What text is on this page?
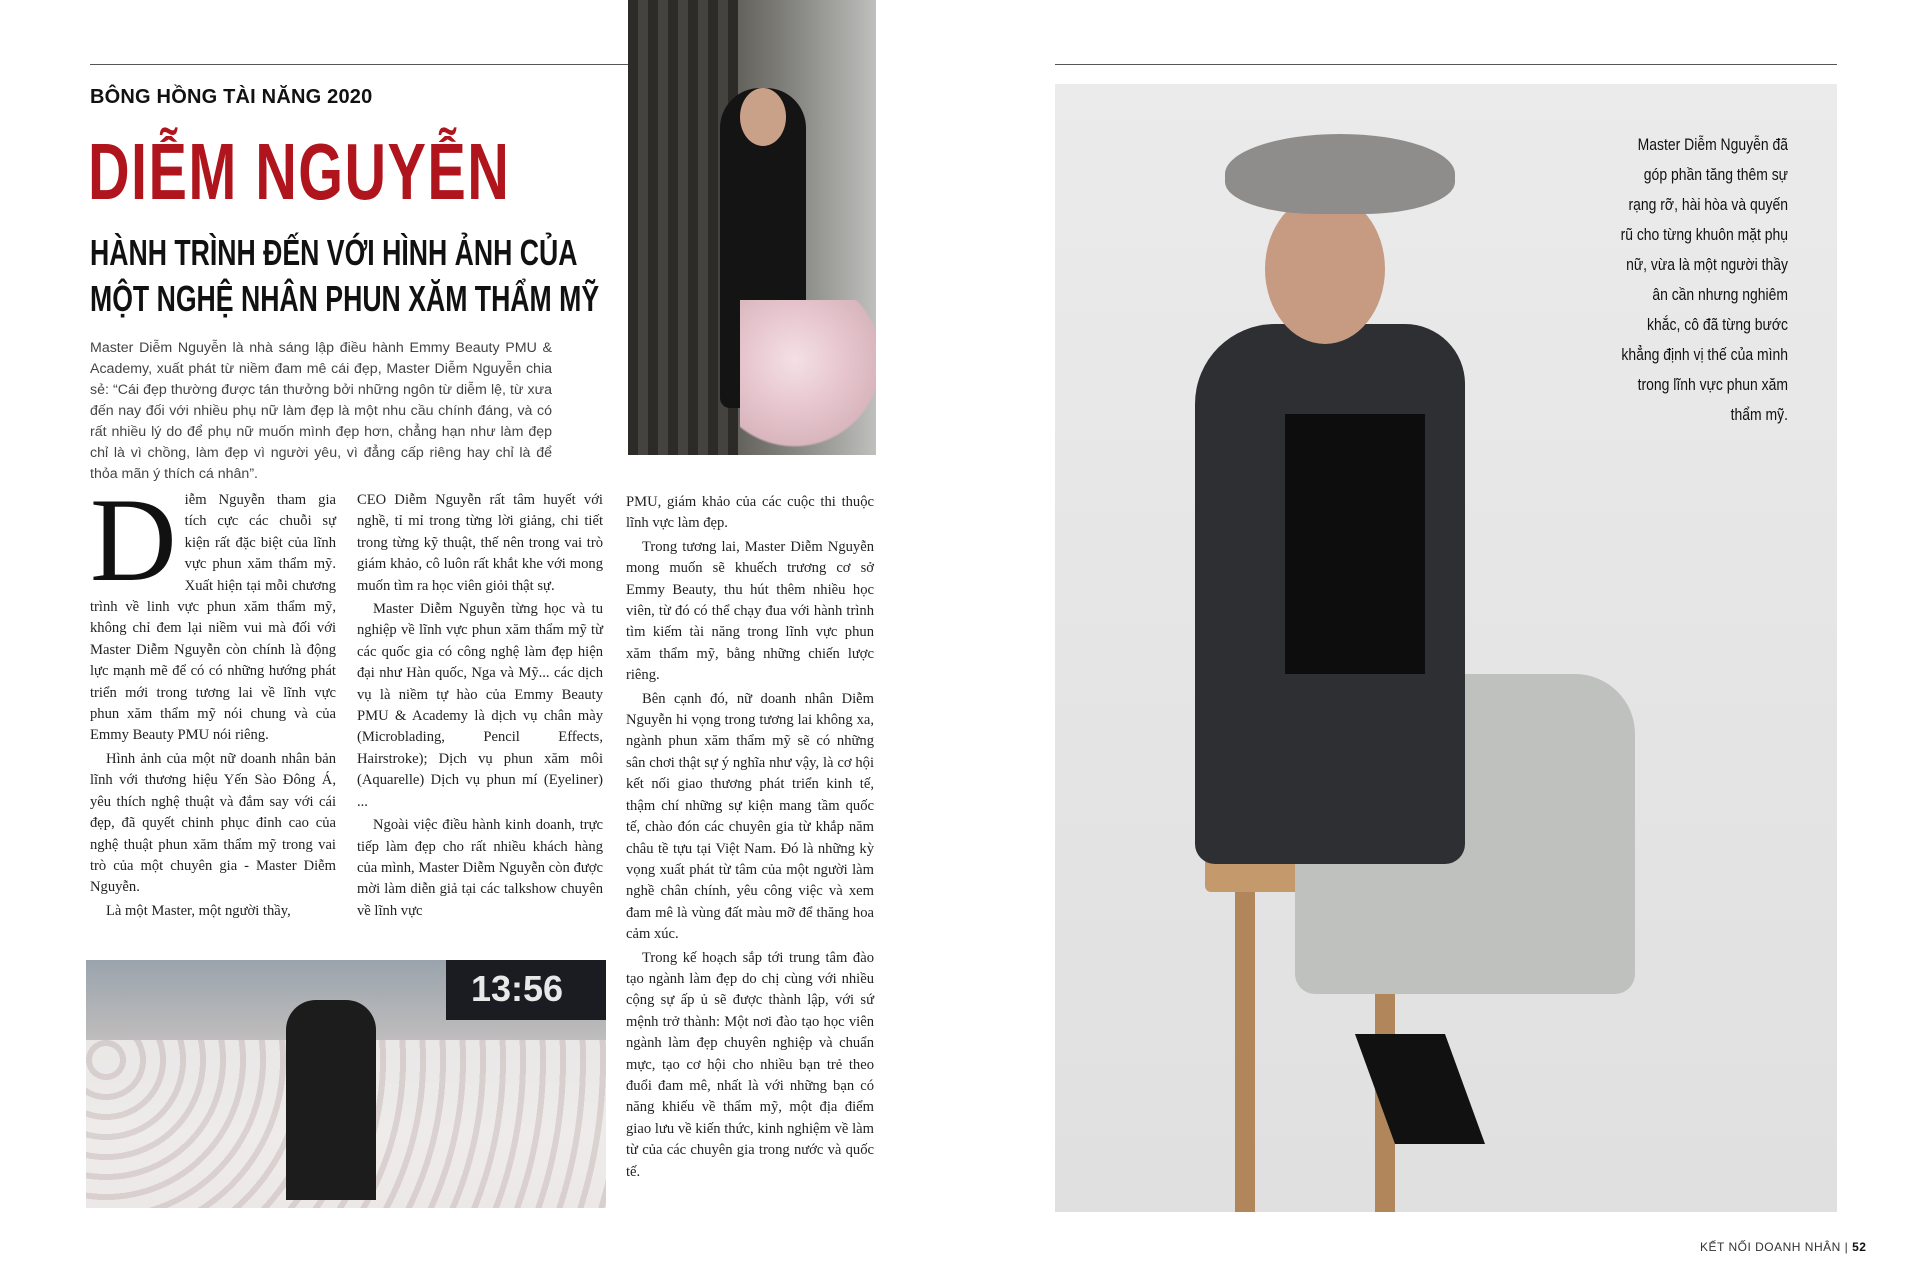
BÔNG HỒNG TÀI NĂNG 2020
DIỄM NGUYỄN
HÀNH TRÌNH ĐẾN VỚI HÌNH ẢNH CỦA
MỘT NGHỆ NHÂN PHUN XĂM THẨM MỸ
Master Diễm Nguyễn là nhà sáng lập điều hành Emmy Beauty PMU & Academy, xuất phát từ niềm đam mê cái đẹp, Master Diễm Nguyễn chia sẻ: “Cái đẹp thường được tán thưởng bởi những ngôn từ diễm lệ, từ xưa đến nay đối với nhiều phụ nữ làm đẹp là một nhu cầu chính đáng, và có rất nhiều lý do để phụ nữ muốn mình đẹp hơn, chẳng hạn như làm đẹp chỉ là vì chồng, làm đẹp vì người yêu, vì đẳng cấp riêng hay chỉ là để thỏa mãn ý thích cá nhân”.

Diễm Nguyễn tham gia tích cực các chuỗi sự kiện rất đặc biệt của lĩnh vực phun xăm thẩm mỹ. Xuất hiện tại mỗi chương trình về linh vực phun xăm thẩm mỹ, không chỉ đem lại niềm vui mà đối với Master Diễm Nguyễn còn chính là động lực mạnh mẽ để có có những hướng phát triển mới trong tương lai về lĩnh vực phun xăm thẩm mỹ nói chung và của Emmy Beauty PMU nói riêng.

Hình ảnh của một nữ doanh nhân bản lĩnh với thương hiệu Yến Sào Đông Á, yêu thích nghệ thuật và đắm say với cái đẹp, đã quyết chinh phục đỉnh cao của nghệ thuật phun xăm thẩm mỹ trong vai trò của một chuyên gia - Master Diễm Nguyễn.

Là một Master, một người thầy,

CEO Diễm Nguyễn rất tâm huyết với nghề, tỉ mỉ trong từng lời giảng, chi tiết trong từng kỹ thuật, thế nên trong vai trò giám khảo, cô luôn rất khắt khe với mong muốn tìm ra học viên giỏi thật sự.

Master Diễm Nguyễn từng học và tu nghiệp về lĩnh vực phun xăm thẩm mỹ từ các quốc gia có công nghệ làm đẹp hiện đại như Hàn quốc, Nga và Mỹ... các dịch vụ là niềm tự hào của Emmy Beauty PMU & Academy là dịch vụ chân mày (Microblading, Pencil Effects, Hairstroke); Dịch vụ phun xăm môi (Aquarelle) Dịch vụ phun mí (Eyeliner) ...

Ngoài việc điều hành kinh doanh, trực tiếp làm đẹp cho rất nhiều khách hàng của mình, Master Diễm Nguyễn còn được mời làm diễn giả tại các talkshow chuyên về lĩnh vực

PMU, giám khảo của các cuộc thi thuộc lĩnh vực làm đẹp.

Trong tương lai, Master Diễm Nguyễn mong muốn sẽ khuếch trương cơ sở Emmy Beauty, thu hút thêm nhiều học viên, từ đó có thể chạy đua với hành trình tìm kiếm tài năng trong lĩnh vực phun xăm thẩm mỹ, bằng những chiến lược riêng.

Bên cạnh đó, nữ doanh nhân Diễm Nguyễn hi vọng trong tương lai không xa, ngành phun xăm thẩm mỹ sẽ có những sân chơi thật sự ý nghĩa như vậy, là cơ hội kết nối giao thương phát triển kinh tế, thậm chí những sự kiện mang tầm quốc tế, chào đón các chuyên gia từ khắp năm châu tề tựu tại Việt Nam. Đó là những kỳ vọng xuất phát từ tâm của một người làm nghề chân chính, yêu công việc và xem đam mê là vùng đất màu mỡ để thăng hoa cảm xúc.

Trong kế hoạch sắp tới trung tâm đào tạo ngành làm đẹp do chị cùng với nhiều cộng sự ấp ủ sẽ được thành lập, với sứ mệnh trở thành: Một nơi đào tạo học viên ngành làm đẹp chuyên nghiệp và chuẩn mực, tạo cơ hội cho nhiều bạn trẻ theo đuổi đam mê, nhất là với những bạn có năng khiếu về thẩm mỹ, một địa điểm giao lưu về kiến thức, kinh nghiệm về làm từ của các chuyên gia trong nước và quốc tế.

13:56
Master Diễm Nguyễn đã góp phần tăng thêm sự rạng rỡ, hài hòa và quyến rũ cho từng khuôn mặt phụ nữ, vừa là một người thầy ân cần nhưng nghiêm khắc, cô đã từng bước khẳng định vị thế của mình trong lĩnh vực phun xăm thẩm mỹ.
KẾT NỐI DOANH NHÂN | 52
